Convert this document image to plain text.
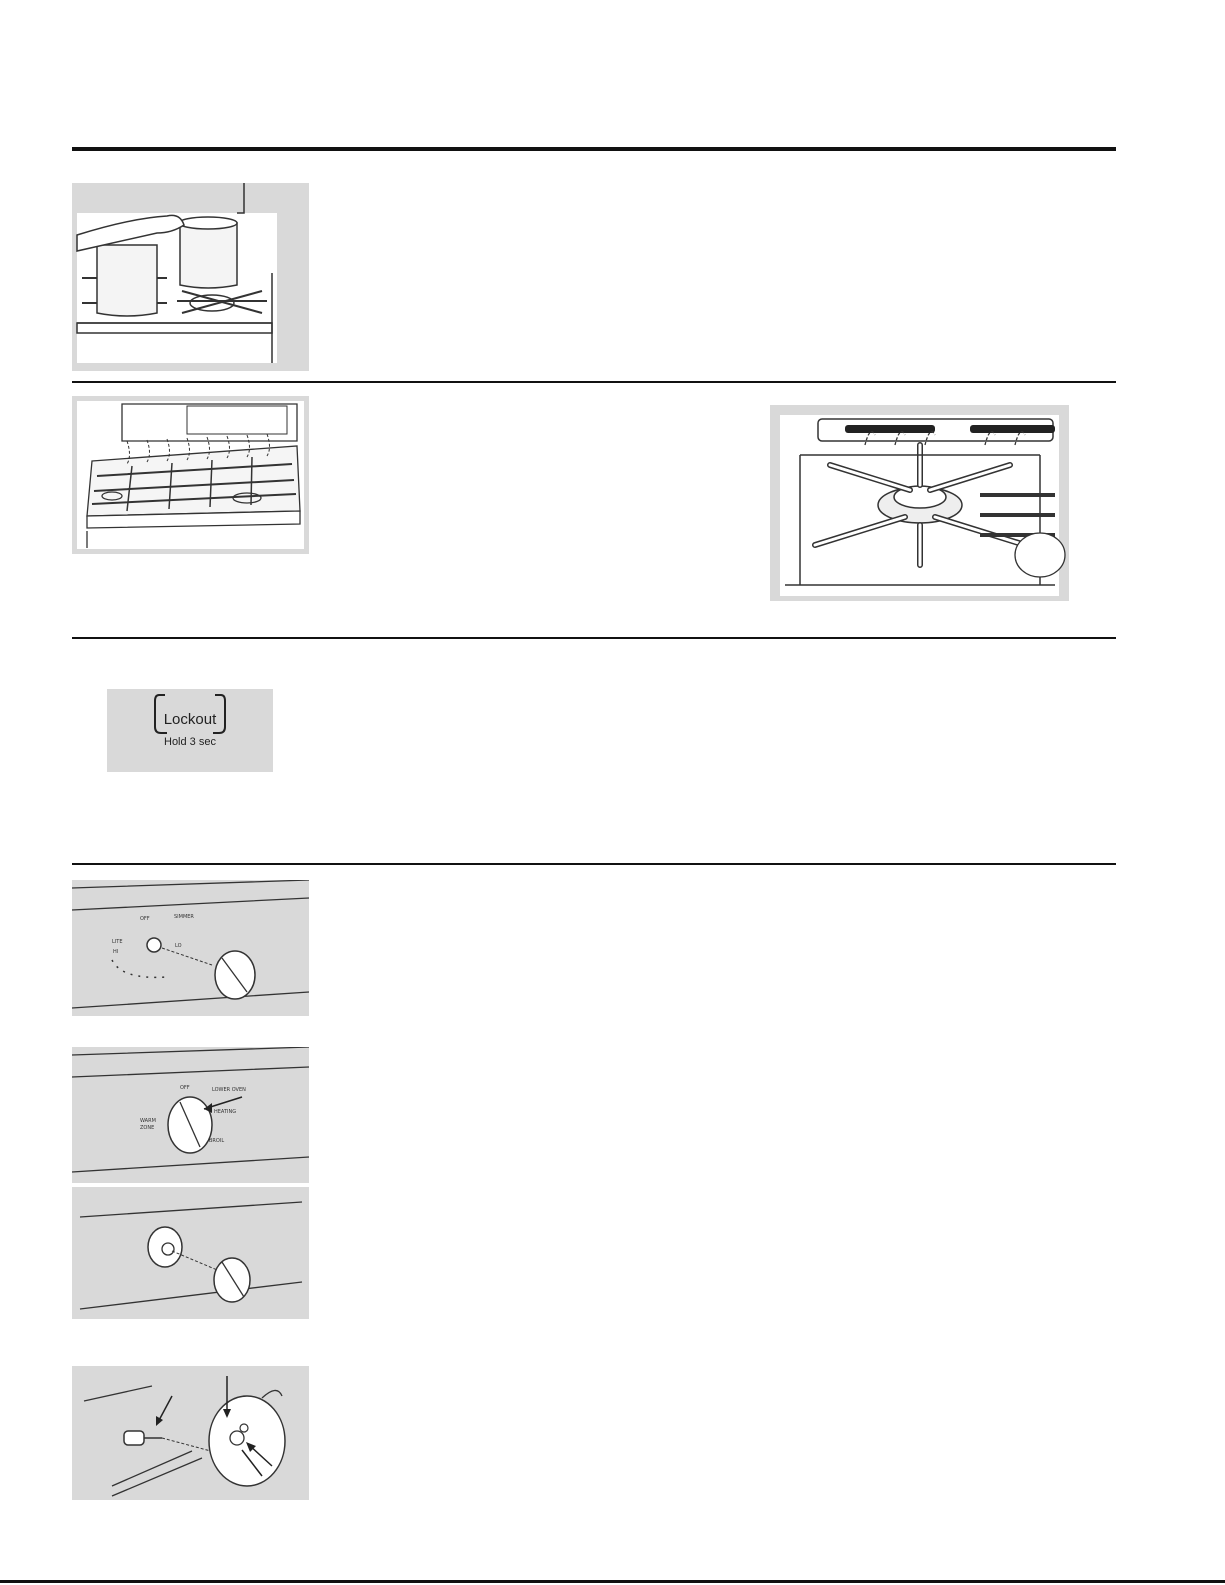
Lockout
Hold 3 sec
OFF	SIMMER
LITE
LO
HI
OFF	LOWER OVEN
HEATING
WARM
ZONE
BROIL
